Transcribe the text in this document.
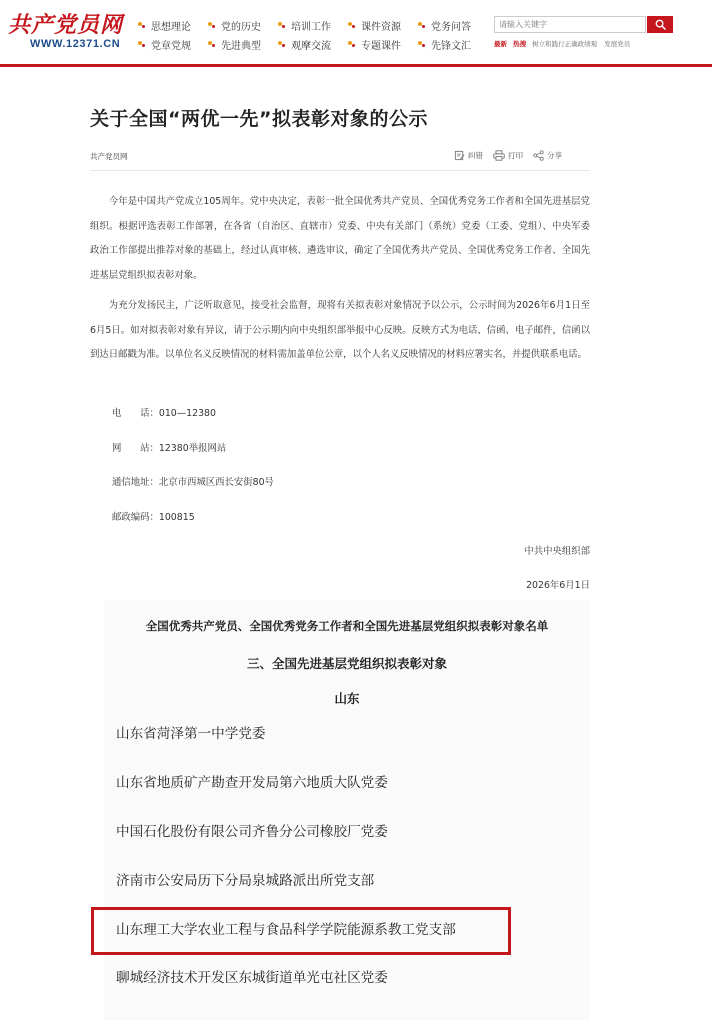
共产党员网
WWW.12371.CN
思想理论	党的历史	培训工作	课件资源	党务问答
党章党规	先进典型	观摩交流	专题课件	先锋文汇
请输入关键字	最新 热搜 树立和践行正确政绩观 发展党员
关于全国“两优一先”拟表彰对象的公示
共产党员网	纠错	打印	分享

今年是中国共产党成立105周年。党中央决定，表彰一批全国优秀共产党员、全国优秀党务工作者和全国先进基层党组织。根据评选表彰工作部署，在各省（自治区、直辖市）党委、中央有关部门（系统）党委（工委、党组）、中央军委政治工作部提出推荐对象的基础上，经过认真审核、遴选审议，确定了全国优秀共产党员、全国优秀党务工作者、全国先进基层党组织拟表彰对象。

为充分发扬民主，广泛听取意见，接受社会监督，现将有关拟表彰对象情况予以公示，公示时间为2026年6月1日至6月5日。如对拟表彰对象有异议，请于公示期内向中央组织部举报中心反映。反映方式为电话、信函、电子邮件，信函以到达日邮戳为准。以单位名义反映情况的材料需加盖单位公章，以个人名义反映情况的材料应署实名，并提供联系电话。

电　　话：010—12380
网　　站：12380举报网站
通信地址：北京市西城区西长安街80号
邮政编码：100815
中共中央组织部
2026年6月1日
全国优秀共产党员、全国优秀党务工作者和全国先进基层党组织拟表彰对象名单
三、全国先进基层党组织拟表彰对象
山东
山东省菏泽第一中学党委
山东省地质矿产勘查开发局第六地质大队党委
中国石化股份有限公司齐鲁分公司橡胶厂党委
济南市公安局历下分局泉城路派出所党支部
山东理工大学农业工程与食品科学学院能源系教工党支部
聊城经济技术开发区东城街道单光屯社区党委
